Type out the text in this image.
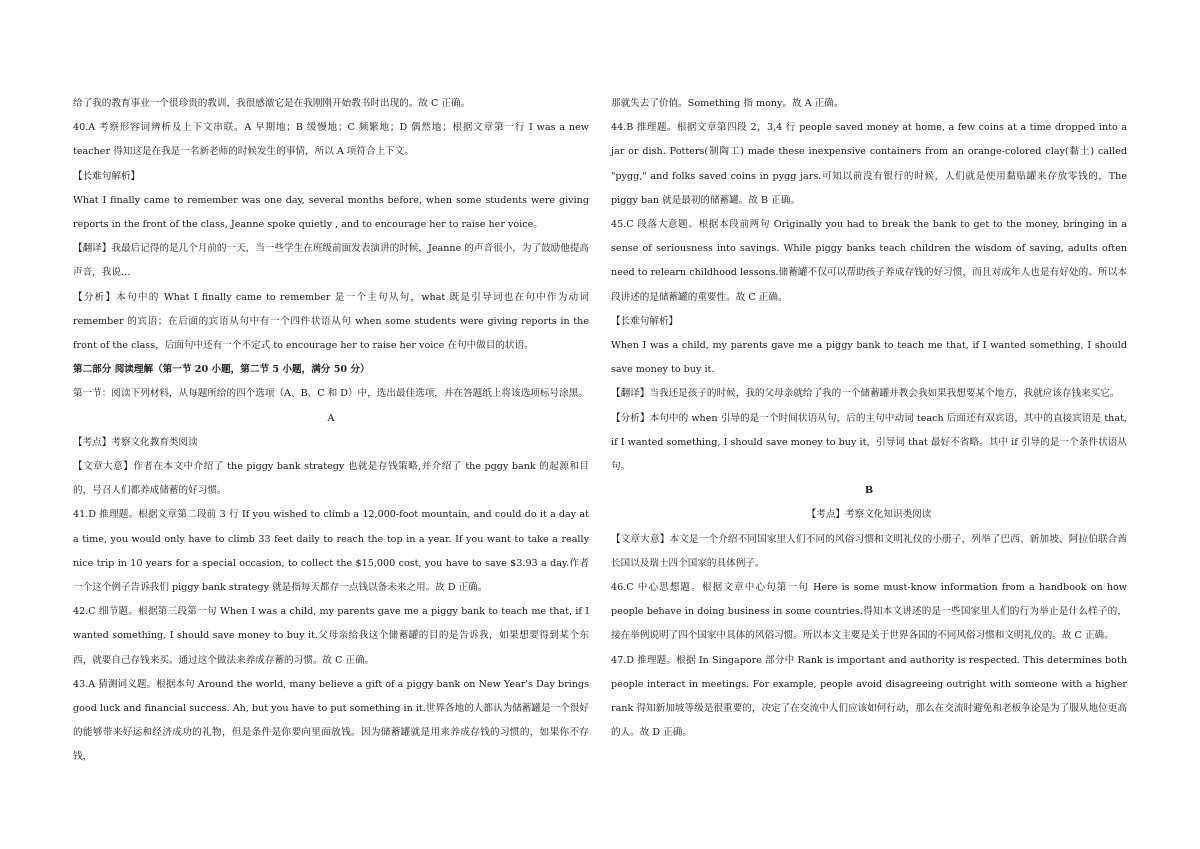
给了我的教育事业一个很珍贵的教训，我很感激它是在我刚刚开始教书时出现的。故 C 正确。

40.A 考察形容词辨析及上下文串联。A 早期地；B 缓慢地；C 频繁地；D 偶然地；根据文章第一行 I was a new teacher 得知这是在我是一名新老师的时候发生的事情，所以 A 项符合上下文。

【长难句解析】

What I finally came to remember was one day, several months before, when some students were giving reports in the front of the class, Jeanne spoke quietly , and to encourage her to raise her voice。

【翻译】我最后记得的是几个月前的一天，当一些学生在班级前面发表演讲的时候，Jeanne 的声音很小，为了鼓励他提高声音，我说…

【分析】本句中的 What I finally came to remember 是一个主句从句，what 既是引导词也在句中作为动词 remember 的宾语；在后面的宾语从句中有一个四件状语从句 when some students were giving reports in the front of the class，后面句中还有一个不定式 to encourage her to raise her voice 在句中做目的状语。

第二部分 阅读理解（第一节 20 小题，第二节 5 小题，满分 50 分）

第一节：阅读下列材料，从每题所给的四个选项（A、B、C 和 D）中，选出最佳选项，并在答题纸上将该选项标号涂黑。

A

【考点】考察文化教育类阅读

【文章大意】作者在本文中介绍了 the piggy bank strategy 也就是存钱策略,并介绍了 the pggy bank 的起源和目的，号召人们都养成储蓄的好习惯。

41.D 推理题。根据文章第二段前 3 行 If you wished to climb a 12,000-foot mountain, and could do it a day at a time, you would only have to climb 33 feet daily to reach the top in a year. If you want to take a really nice trip in 10 years for a special occasion, to collect the $15,000 cost, you have to save $3.93 a day.作者一个这个例子告诉我们 piggy bank strategy 就是指每天都存一点钱以备未来之用。故 D 正确。

42.C 细节题。根据第三段第一句 When I was a child, my parents gave me a piggy bank to teach me that, if I wanted something, I should save money to buy it.父母亲给我这个储蓄罐的目的是告诉我，如果想要得到某个东西，就要自己存钱来买。通过这个做法来养成存蓄的习惯。故 C 正确。

43.A 猜测词义题。根据本句 Around the world, many believe a gift of a piggy bank on New Year's Day brings good luck and financial success. Ah, but you have to put something in it.世界各地的人都认为储蓄罐是一个很好的能够带来好运和经济成功的礼物，但是条件是你要向里面放钱。因为储蓄罐就是用来养成存钱的习惯的，如果你不存钱，

那就失去了价值。Something 指 mony。故 A 正确。

44.B 推理题。根据文章第四段 2，3,4 行 people saved money at home, a few coins at a time dropped into a jar or dish. Potters(制陶工) made these inexpensive containers from an orange-colored clay(黏土) called "pygg," and folks saved coins in pygg jars.可知以前没有银行的时候，人们就是使用黏贴罐来存放零钱的，The piggy ban 就是最初的储蓄罐。故 B 正确。

45.C 段落大意题。根据本段前两句 Originally you had to break the bank to get to the money, bringing in a sense of seriousness into savings. While piggy banks teach children the wisdom of saving, adults often need to relearn childhood lessons.储蓄罐不仅可以帮助孩子养成存钱的好习惯，而且对成年人也是有好处的。所以本段讲述的是储蓄罐的重要性。故 C 正确。

【长难句解析】

When I was a child, my parents gave me a piggy bank to teach me that, if I wanted something, I should save money to buy it.

【翻译】当我还是孩子的时候，我的父母亲就给了我的一个储蓄罐并教会我如果我想要某个地方，我就应该存钱来买它。

【分析】本句中的 when 引导的是一个时间状语从句，后的主句中动词 teach 后面还有双宾语，其中的直接宾语是 that, if I wanted something, I should save money to buy it，引导词 that 最好不省略。其中 if 引导的是一个条件状语从句。

B

【考点】考察文化知识类阅读

【文章大意】本文是一个介绍不同国家里人们不同的风俗习惯和文明礼仪的小册子，列举了巴西、新加坡、阿拉伯联合酋长国以及瑞士四个国家的具体例子。

46.C 中心思想题。根据文章中心句第一句 Here is some must-know information from a handbook on how people behave in doing business in some countries.得知本文讲述的是一些国家里人们的行为举止是什么样子的，接在举例说明了四个国家中具体的风俗习惯。所以本文主要是关于世界各国的不同风俗习惯和文明礼仪的。故 C 正确。

47.D 推理题。根据 In Singapore 部分中 Rank is important and authority is respected. This determines both people interact in meetings. For example, people avoid disagreeing outright with someone with a higher rank 得知新加坡等级是很重要的，决定了在交流中人们应该如何行动，那么在交流时避免和老板争论是为了服从地位更高的人。故 D 正确。
